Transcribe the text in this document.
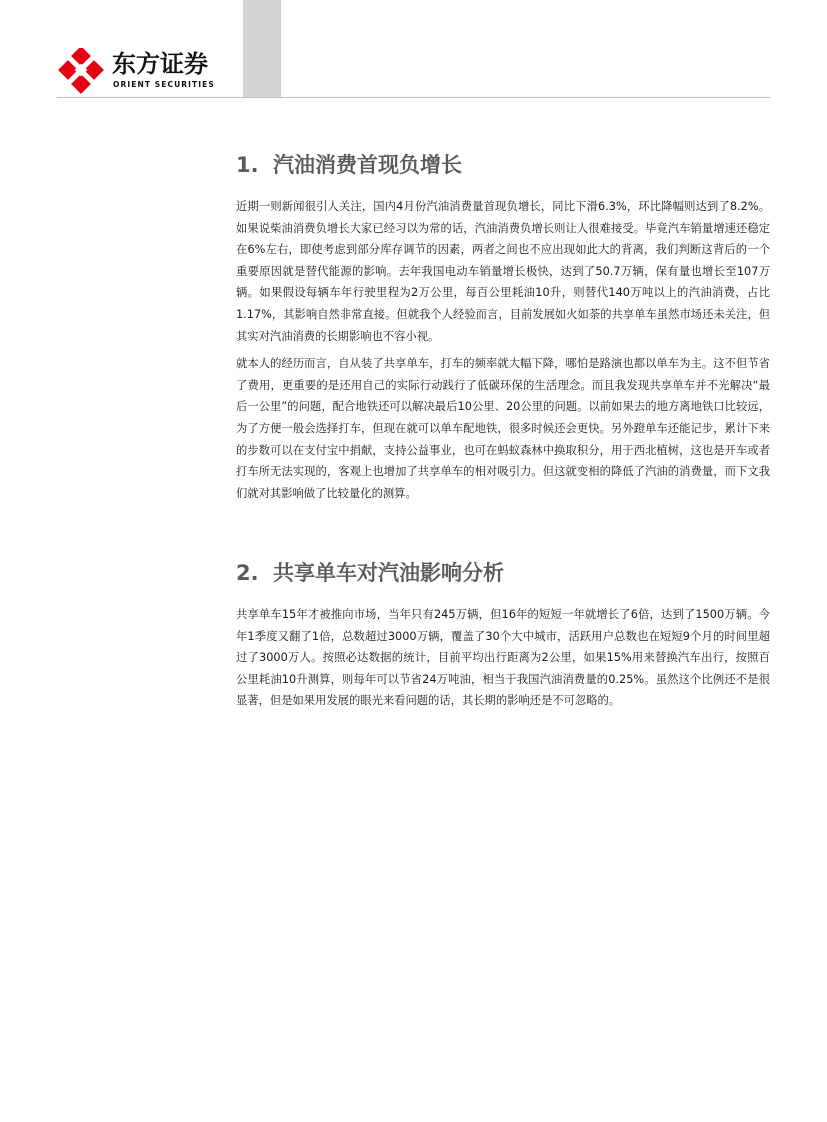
东方证券
ORIENT SECURITIES
1. 汽油消费首现负增长

近期一则新闻很引人关注，国内4月份汽油消费量首现负增长，同比下滑6.3%，环比降幅则达到了8.2%。如果说柴油消费负增长大家已经习以为常的话，汽油消费负增长则让人很难接受。毕竟汽车销量增速还稳定在6%左右，即使考虑到部分库存调节的因素，两者之间也不应出现如此大的背离，我们判断这背后的一个重要原因就是替代能源的影响。去年我国电动车销量增长极快，达到了50.7万辆，保有量也增长至107万辆。如果假设每辆车年行驶里程为2万公里，每百公里耗油10升，则替代140万吨以上的汽油消费，占比1.17%，其影响自然非常直接。但就我个人经验而言，目前发展如火如荼的共享单车虽然市场还未关注，但其实对汽油消费的长期影响也不容小视。

就本人的经历而言，自从装了共享单车，打车的频率就大幅下降，哪怕是路演也都以单车为主。这不但节省了费用，更重要的是还用自己的实际行动践行了低碳环保的生活理念。而且我发现共享单车并不光解决“最后一公里”的问题，配合地铁还可以解决最后10公里、20公里的问题。以前如果去的地方离地铁口比较远，为了方便一般会选择打车，但现在就可以单车配地铁，很多时候还会更快。另外蹬单车还能记步，累计下来的步数可以在支付宝中捐献，支持公益事业，也可在蚂蚁森林中换取积分，用于西北植树，这也是开车或者打车所无法实现的，客观上也增加了共享单车的相对吸引力。但这就变相的降低了汽油的消费量，而下文我们就对其影响做了比较量化的测算。

2. 共享单车对汽油影响分析

共享单车15年才被推向市场，当年只有245万辆，但16年的短短一年就增长了6倍，达到了1500万辆。今年1季度又翻了1倍，总数超过3000万辆，覆盖了30个大中城市，活跃用户总数也在短短9个月的时间里超过了3000万人。按照必达数据的统计，目前平均出行距离为2公里，如果15%用来替换汽车出行，按照百公里耗油10升测算，则每年可以节省24万吨油，相当于我国汽油消费量的0.25%。虽然这个比例还不是很显著，但是如果用发展的眼光来看问题的话，其长期的影响还是不可忽略的。
